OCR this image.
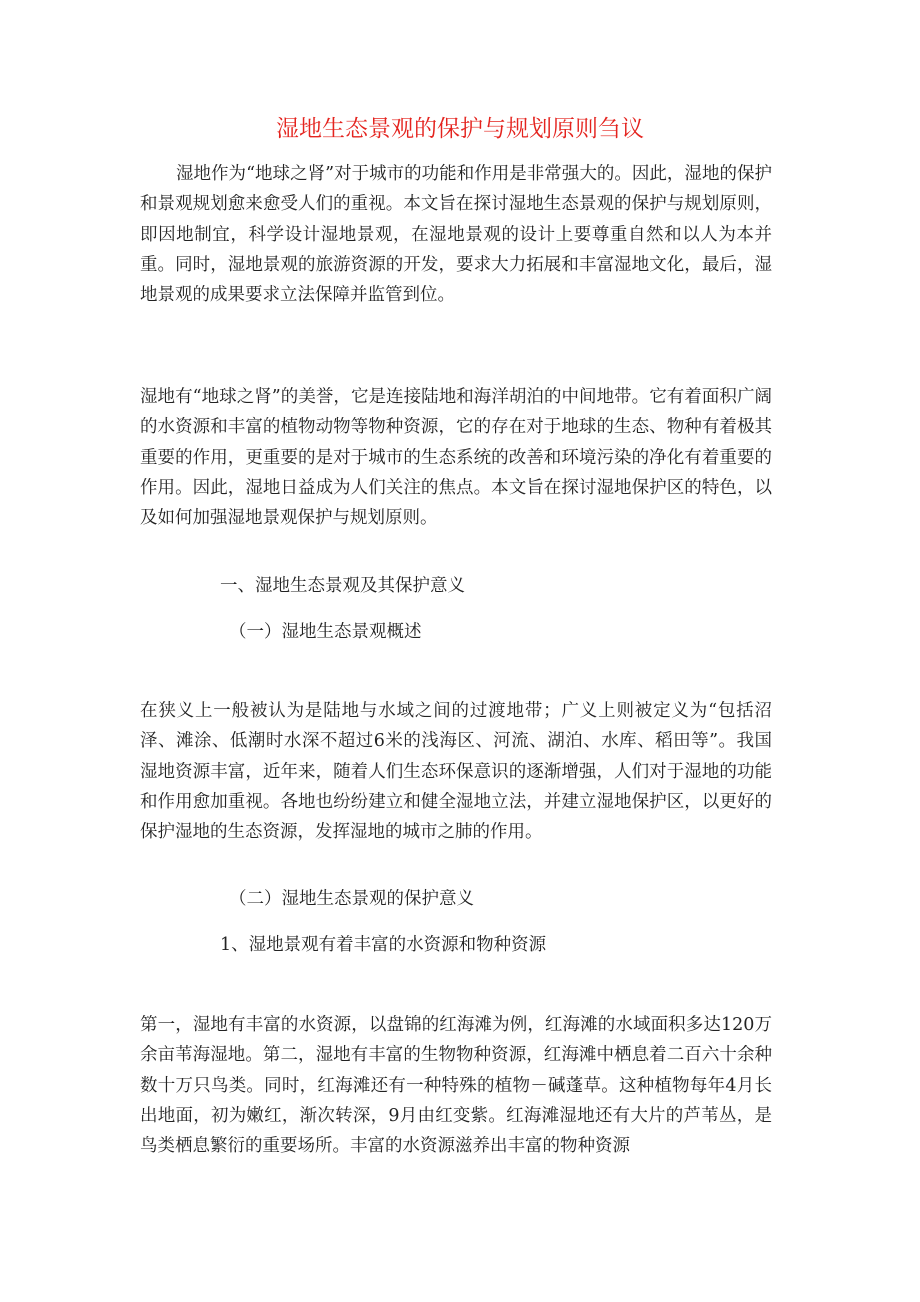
湿地生态景观的保护与规划原则刍议

湿地作为“地球之肾”对于城市的功能和作用是非常强大的。因此，湿地的保护和景观规划愈来愈受人们的重视。本文旨在探讨湿地生态景观的保护与规划原则，即因地制宜，科学设计湿地景观，在湿地景观的设计上要尊重自然和以人为本并重。同时，湿地景观的旅游资源的开发，要求大力拓展和丰富湿地文化，最后，湿地景观的成果要求立法保障并监管到位。

湿地有“地球之肾”的美誉，它是连接陆地和海洋胡泊的中间地带。它有着面积广阔的水资源和丰富的植物动物等物种资源，它的存在对于地球的生态、物种有着极其重要的作用，更重要的是对于城市的生态系统的改善和环境污染的净化有着重要的作用。因此，湿地日益成为人们关注的焦点。本文旨在探讨湿地保护区的特色，以及如何加强湿地景观保护与规划原则。

一、湿地生态景观及其保护意义

（一）湿地生态景观概述

在狭义上一般被认为是陆地与水域之间的过渡地带；广义上则被定义为“包括沼泽、滩涂、低潮时水深不超过6米的浅海区、河流、湖泊、水库、稻田等”。我国湿地资源丰富，近年来，随着人们生态环保意识的逐渐增强，人们对于湿地的功能和作用愈加重视。各地也纷纷建立和健全湿地立法，并建立湿地保护区，以更好的保护湿地的生态资源，发挥湿地的城市之肺的作用。

（二）湿地生态景观的保护意义

1、湿地景观有着丰富的水资源和物种资源

第一，湿地有丰富的水资源，以盘锦的红海滩为例，红海滩的水域面积多达120万余亩苇海湿地。第二，湿地有丰富的生物物种资源，红海滩中栖息着二百六十余种数十万只鸟类。同时，红海滩还有一种特殊的植物－碱蓬草。这种植物每年4月长出地面，初为嫩红，渐次转深，9月由红变紫。红海滩湿地还有大片的芦苇丛，是鸟类栖息繁衍的重要场所。丰富的水资源滋养出丰富的物种资源
